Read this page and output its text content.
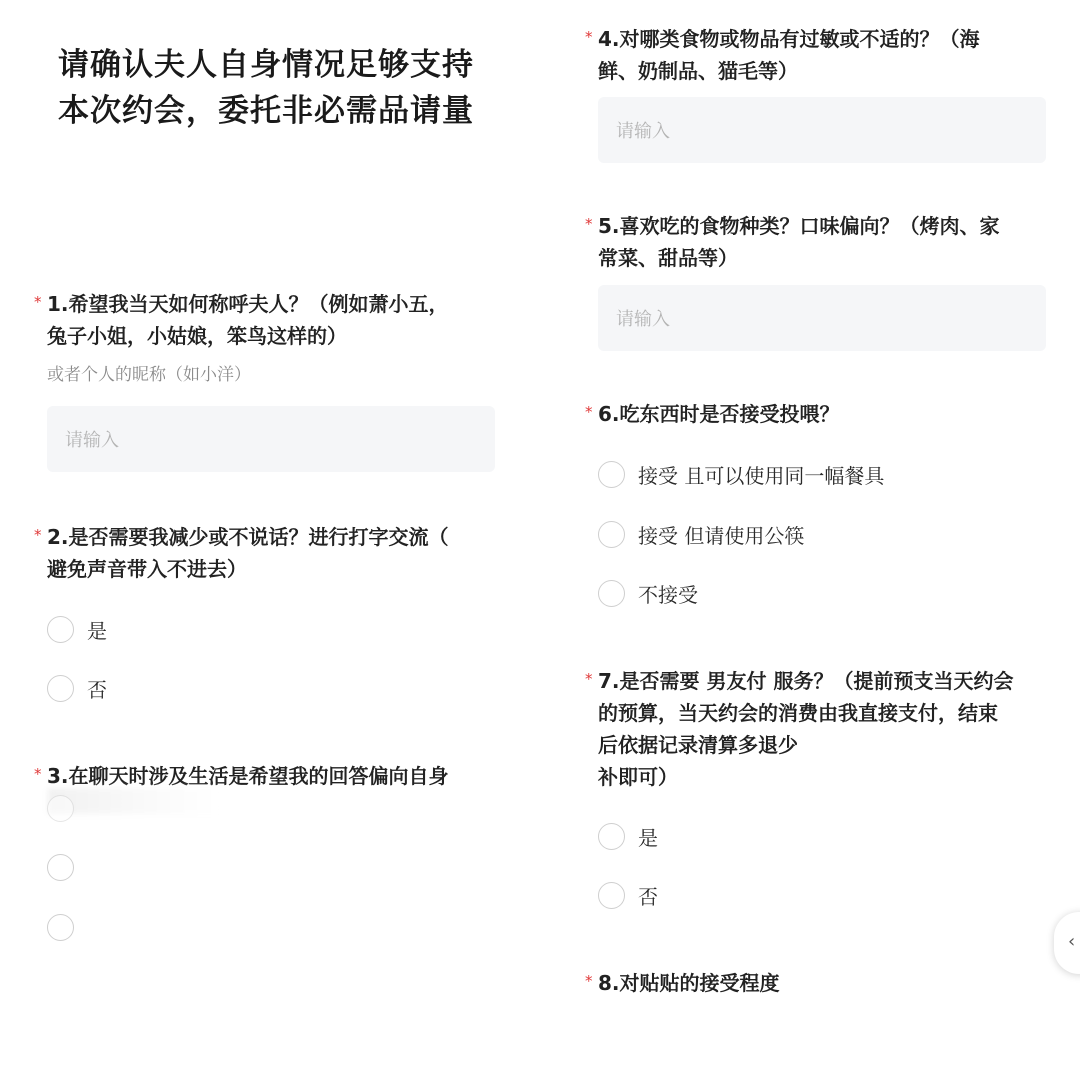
请确认夫人自身情况足够支持
本次约会，委托非必需品请量
* 1.希望我当天如何称呼夫人？（例如萧小五，
兔子小姐，小姑娘，笨鸟这样的）
或者个人的昵称（如小洋）
请输入
* 2.是否需要我减少或不说话？进行打字交流（
避免声音带入不进去）
是
否
* 3.在聊天时涉及生活是希望我的回答偏向自身
* 4.对哪类食物或物品有过敏或不适的？（海
鲜、奶制品、猫毛等）
请输入
* 5.喜欢吃的食物种类？口味偏向？（烤肉、家
常菜、甜品等）
请输入
* 6.吃东西时是否接受投喂？
接受 且可以使用同一幅餐具
接受 但请使用公筷
不接受
* 7.是否需要 男友付 服务？（提前预支当天约会
的预算，当天约会的消费由我直接支付，结束
后依据记录清算多退少
补即可）
是
否
* 8.对贴贴的接受程度
‹
